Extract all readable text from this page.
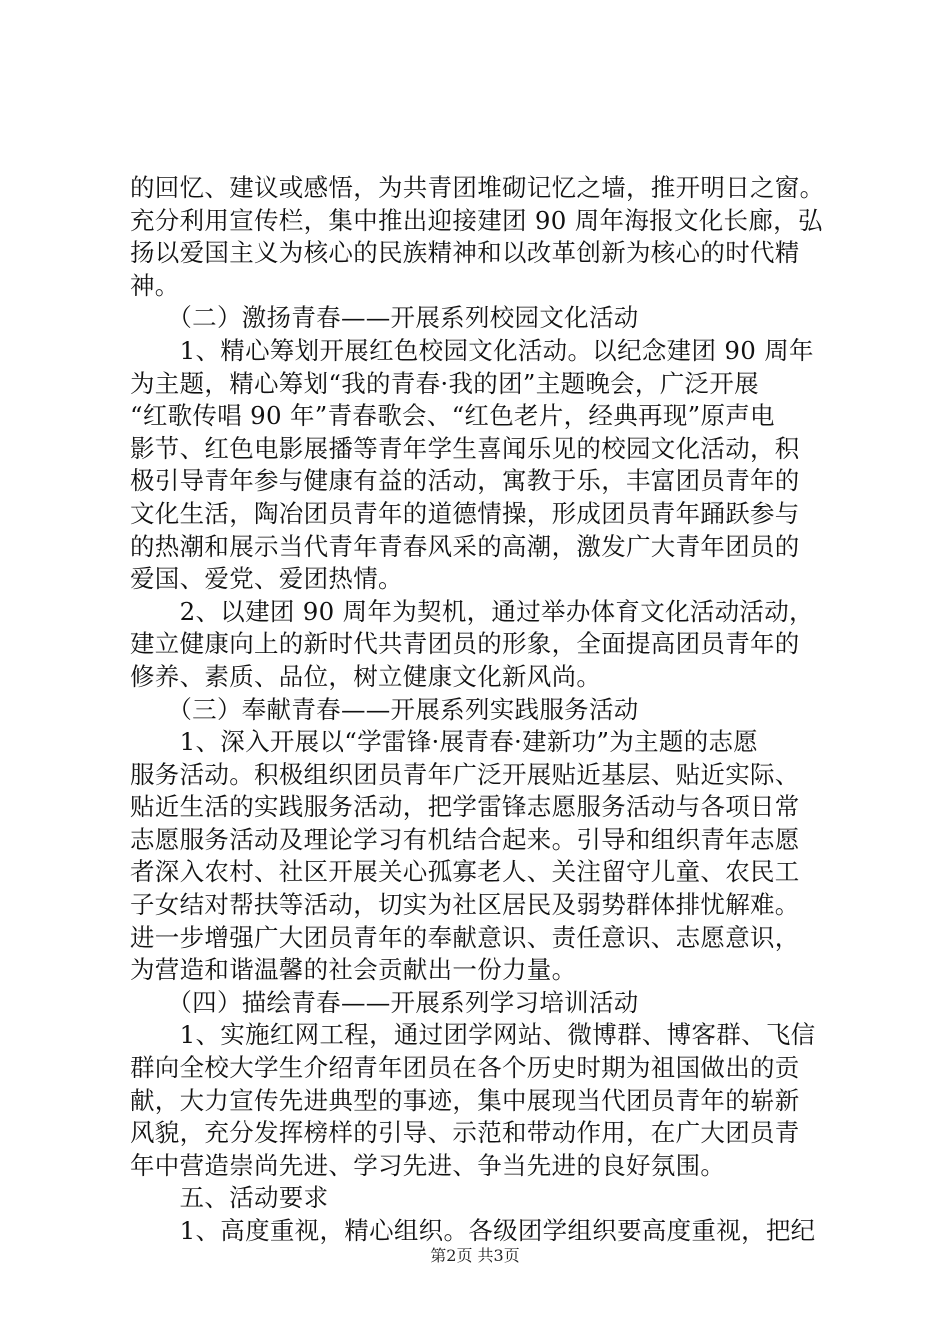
的回忆、建议或感悟，为共青团堆砌记忆之墙，推开明日之窗。
充分利用宣传栏，集中推出迎接建团 90 周年海报文化长廊，弘
扬以爱国主义为核心的民族精神和以改革创新为核心的时代精
神。
　　（二）激扬青春——开展系列校园文化活动
　　1、精心筹划开展红色校园文化活动。以纪念建团 90 周年
为主题，精心筹划“我的青春·我的团”主题晚会，广泛开展
“红歌传唱 90 年”青春歌会、“红色老片，经典再现”原声电
影节、红色电影展播等青年学生喜闻乐见的校园文化活动，积
极引导青年参与健康有益的活动，寓教于乐，丰富团员青年的
文化生活，陶冶团员青年的道德情操，形成团员青年踊跃参与
的热潮和展示当代青年青春风采的高潮，激发广大青年团员的
爱国、爱党、爱团热情。
　　2、以建团 90 周年为契机，通过举办体育文化活动活动，
建立健康向上的新时代共青团员的形象，全面提高团员青年的
修养、素质、品位，树立健康文化新风尚。
　　（三）奉献青春——开展系列实践服务活动
　　1、深入开展以“学雷锋·展青春·建新功”为主题的志愿
服务活动。积极组织团员青年广泛开展贴近基层、贴近实际、
贴近生活的实践服务活动，把学雷锋志愿服务活动与各项日常
志愿服务活动及理论学习有机结合起来。引导和组织青年志愿
者深入农村、社区开展关心孤寡老人、关注留守儿童、农民工
子女结对帮扶等活动，切实为社区居民及弱势群体排忧解难。
进一步增强广大团员青年的奉献意识、责任意识、志愿意识，
为营造和谐温馨的社会贡献出一份力量。
　　（四）描绘青春——开展系列学习培训活动
　　1、实施红网工程，通过团学网站、微博群、博客群、飞信
群向全校大学生介绍青年团员在各个历史时期为祖国做出的贡
献，大力宣传先进典型的事迹，集中展现当代团员青年的崭新
风貌，充分发挥榜样的引导、示范和带动作用，在广大团员青
年中营造崇尚先进、学习先进、争当先进的良好氛围。
　　五、活动要求
　　1、高度重视，精心组织。各级团学组织要高度重视，把纪
第2页 共3页
